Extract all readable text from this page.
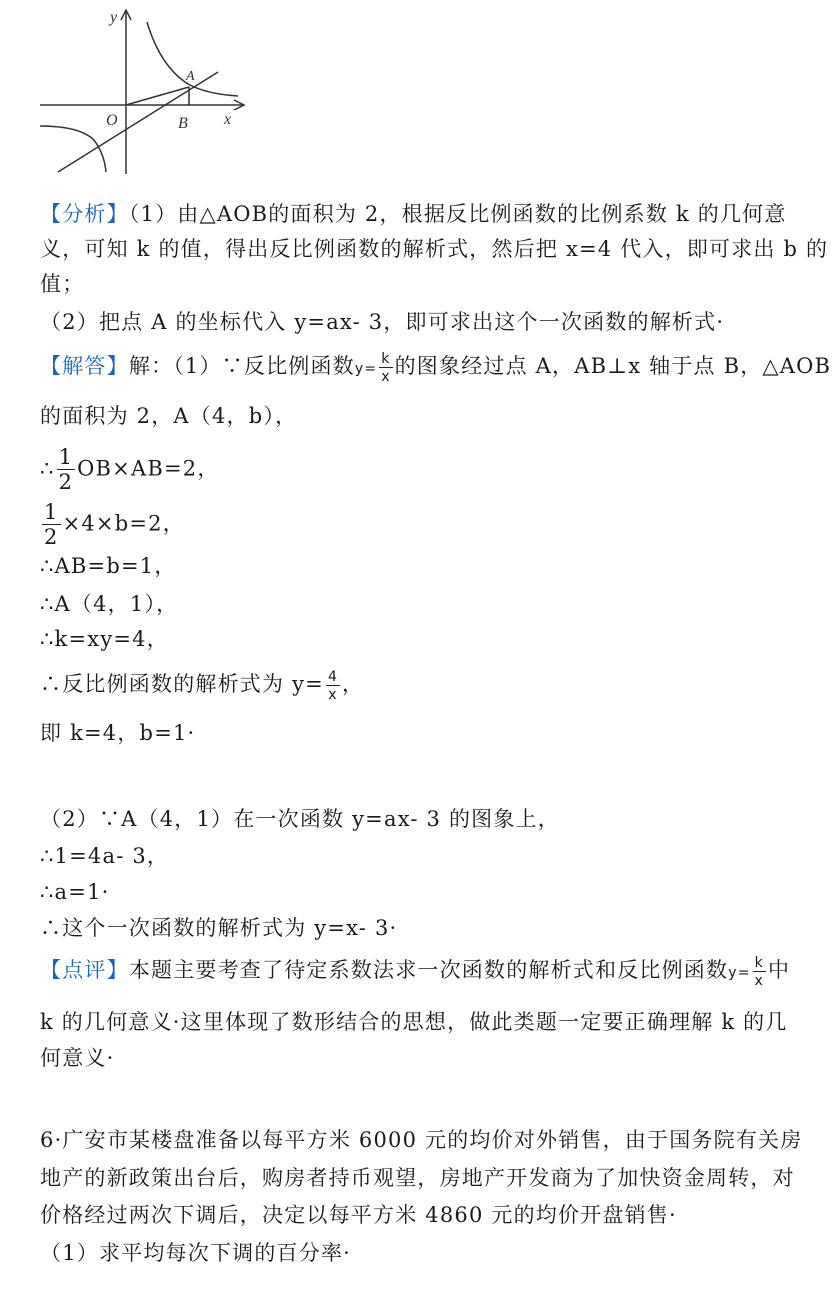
y
x
O
A
B
【分析】（1）由△AOB的面积为 2，根据反比例函数的比例系数 k 的几何意
义，可知 k 的值，得出反比例函数的解析式，然后把 x=4 代入，即可求出 b 的
值；
（2）把点 A 的坐标代入 y=ax- 3，即可求出这个一次函数的解析式·
【解答】解：（1）∵反比例函数$y= \frac{k}{x}$ 的图象经过点 A，AB⊥x 轴于点 B，△AOB
的面积为 2，A（4，b），
∴ $\frac{1}{2} OB\times AB=2$，
$\frac{1}{2} \times 4\times b=2$，
∴AB=b=1，
∴A（4，1），
∴k=xy=4，
∴反比例函数的解析式为 $y= \frac{4}{x}$ ，
即 k=4，b=1·
（2）∵A（4，1）在一次函数 y=ax- 3 的图象上，
∴1=4a- 3，
∴a=1·
∴这个一次函数的解析式为 y=x- 3·
【点评】本题主要考查了待定系数法求一次函数的解析式和反比例函数$y= \frac{k}{x}$ 中
k 的几何意义·这里体现了数形结合的思想，做此类题一定要正确理解 k 的几
何意义·
6·广安市某楼盘准备以每平方米 6000 元的均价对外销售，由于国务院有关房
地产的新政策出台后，购房者持币观望，房地产开发商为了加快资金周转，对
价格经过两次下调后，决定以每平方米 4860 元的均价开盘销售·
（1）求平均每次下调的百分率·
